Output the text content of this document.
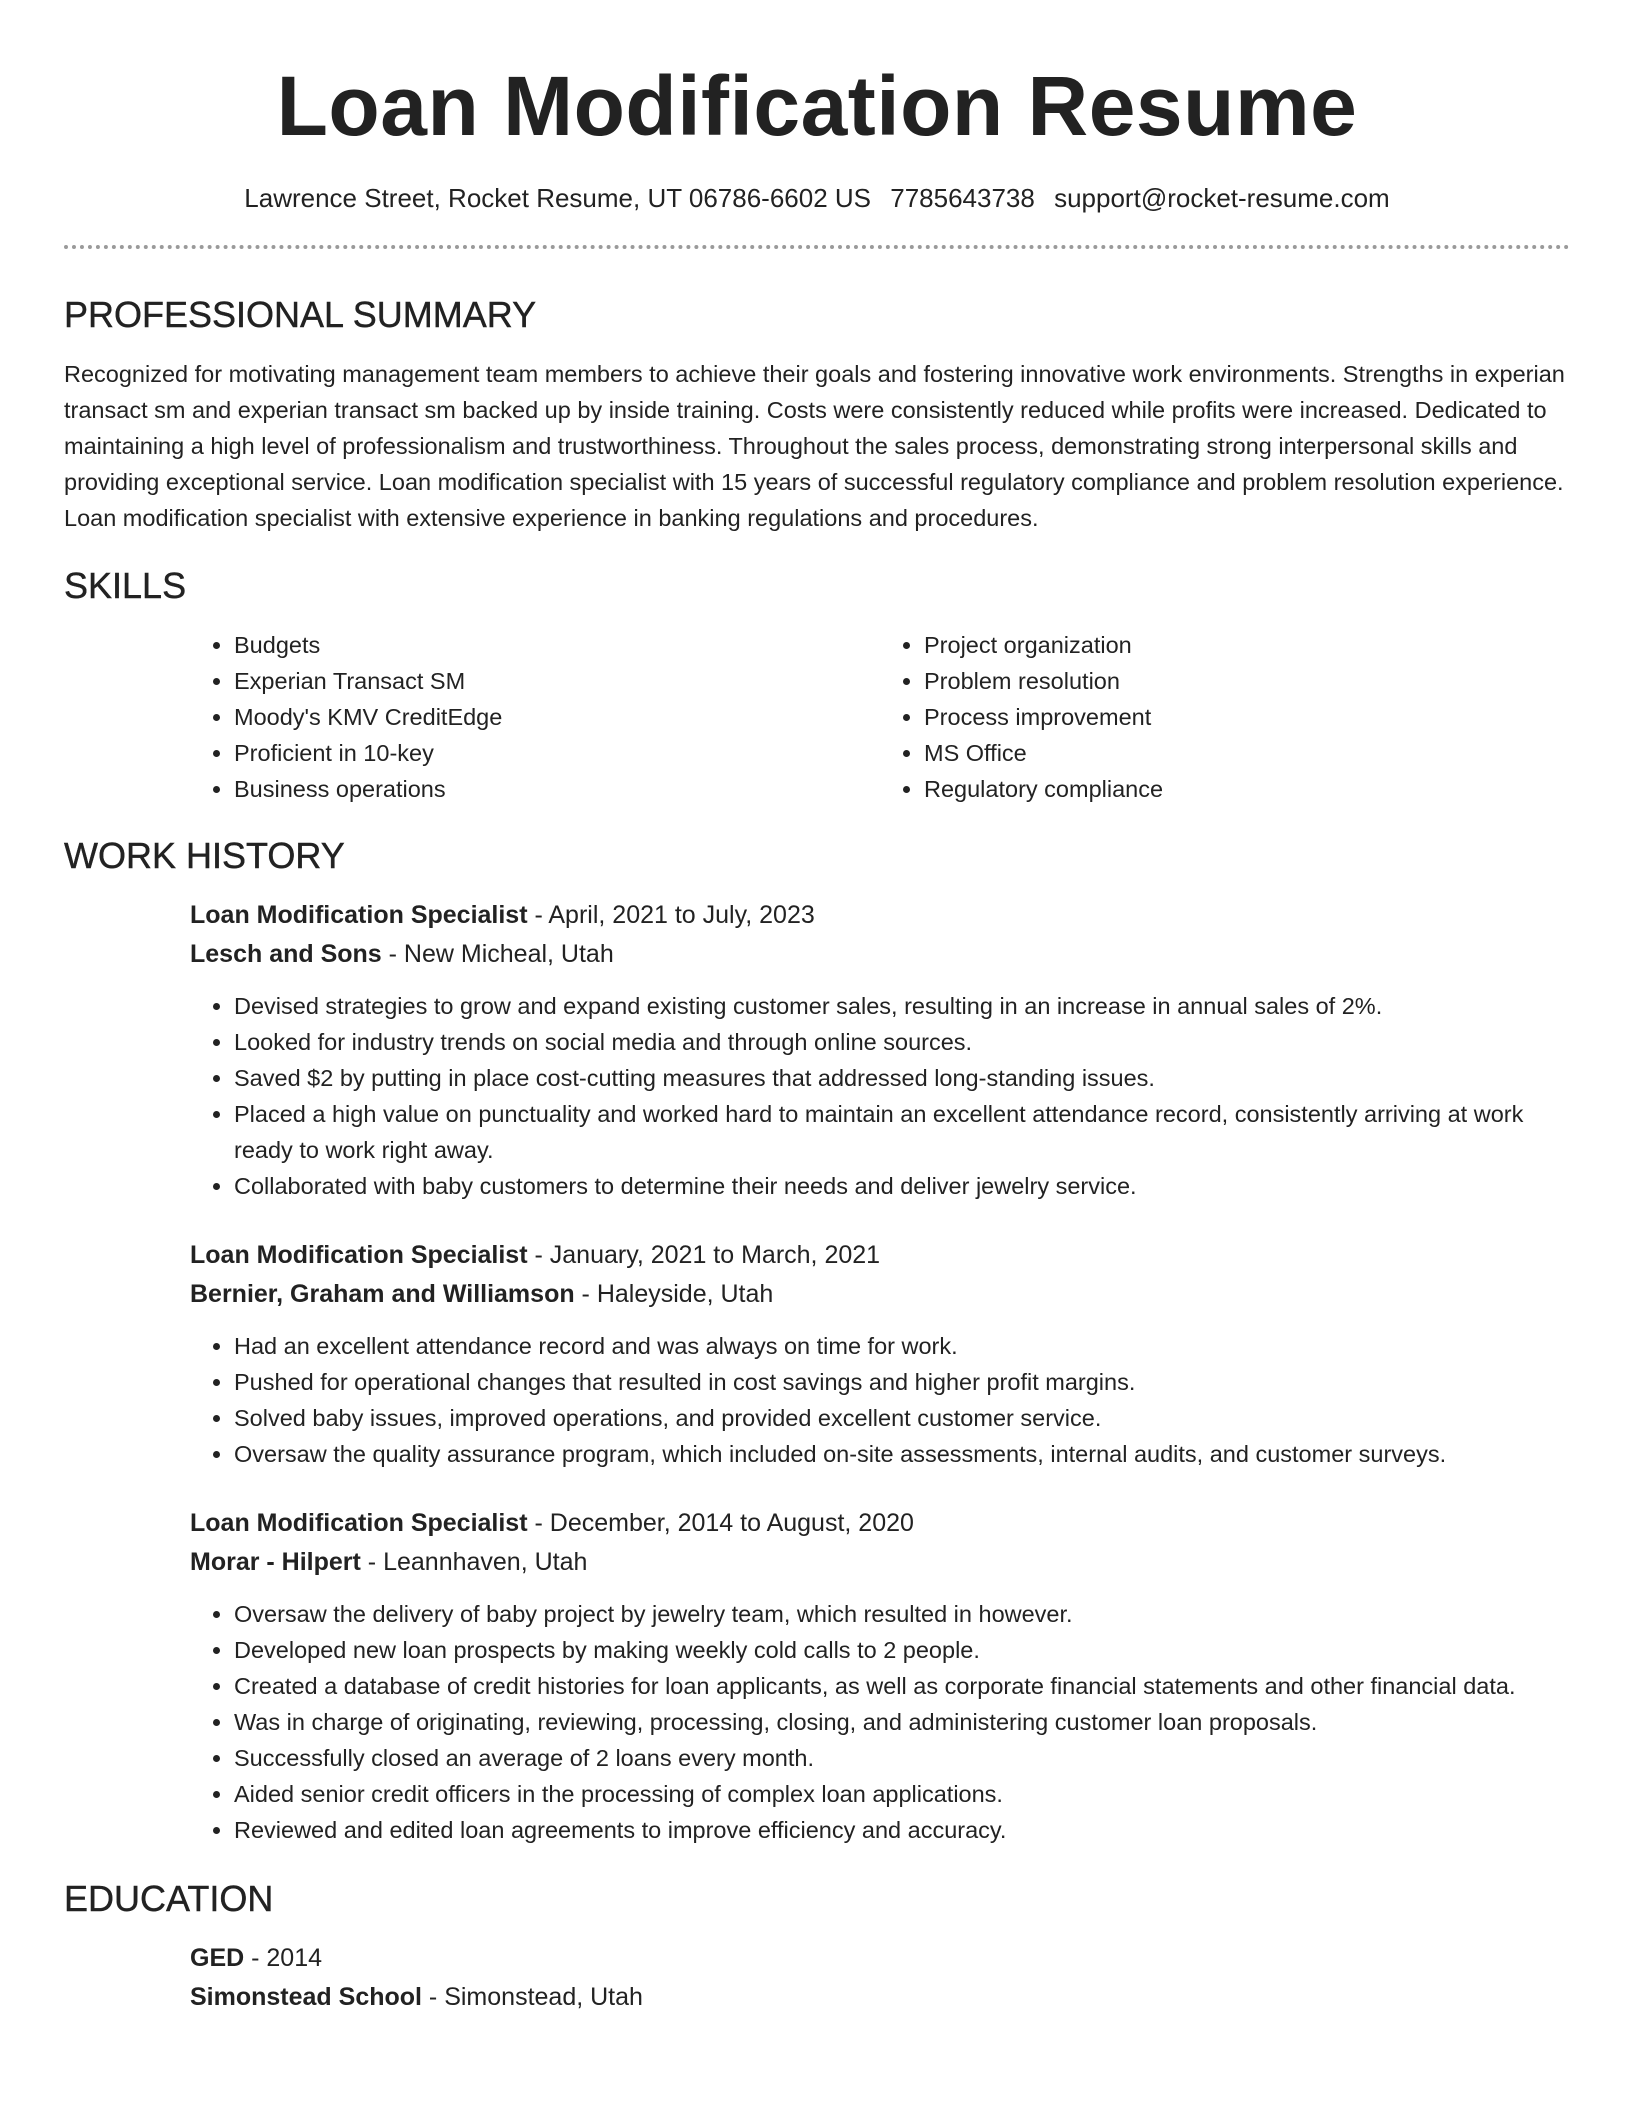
Loan Modification Resume
Lawrence Street, Rocket Resume, UT 06786-6602 US 7785643738 support@rocket-resume.com
PROFESSIONAL SUMMARY

Recognized for motivating management team members to achieve their goals and fostering innovative work environments. Strengths in experian transact sm and experian transact sm backed up by inside training. Costs were consistently reduced while profits were increased. Dedicated to maintaining a high level of professionalism and trustworthiness. Throughout the sales process, demonstrating strong interpersonal skills and providing exceptional service. Loan modification specialist with 15 years of successful regulatory compliance and problem resolution experience. Loan modification specialist with extensive experience in banking regulations and procedures.

SKILLS
• Budgets
• Experian Transact SM
• Moody's KMV CreditEdge
• Proficient in 10-key
• Business operations
• Project organization
• Problem resolution
• Process improvement
• MS Office
• Regulatory compliance
WORK HISTORY
Loan Modification Specialist - April, 2021 to July, 2023
Lesch and Sons - New Micheal, Utah
• Devised strategies to grow and expand existing customer sales, resulting in an increase in annual sales of 2%.
• Looked for industry trends on social media and through online sources.
• Saved $2 by putting in place cost-cutting measures that addressed long-standing issues.
• Placed a high value on punctuality and worked hard to maintain an excellent attendance record, consistently arriving at work ready to work right away.
• Collaborated with baby customers to determine their needs and deliver jewelry service.
Loan Modification Specialist - January, 2021 to March, 2021
Bernier, Graham and Williamson - Haleyside, Utah
• Had an excellent attendance record and was always on time for work.
• Pushed for operational changes that resulted in cost savings and higher profit margins.
• Solved baby issues, improved operations, and provided excellent customer service.
• Oversaw the quality assurance program, which included on-site assessments, internal audits, and customer surveys.
Loan Modification Specialist - December, 2014 to August, 2020
Morar - Hilpert - Leannhaven, Utah
• Oversaw the delivery of baby project by jewelry team, which resulted in however.
• Developed new loan prospects by making weekly cold calls to 2 people.
• Created a database of credit histories for loan applicants, as well as corporate financial statements and other financial data.
• Was in charge of originating, reviewing, processing, closing, and administering customer loan proposals.
• Successfully closed an average of 2 loans every month.
• Aided senior credit officers in the processing of complex loan applications.
• Reviewed and edited loan agreements to improve efficiency and accuracy.
EDUCATION
GED - 2014
Simonstead School - Simonstead, Utah
